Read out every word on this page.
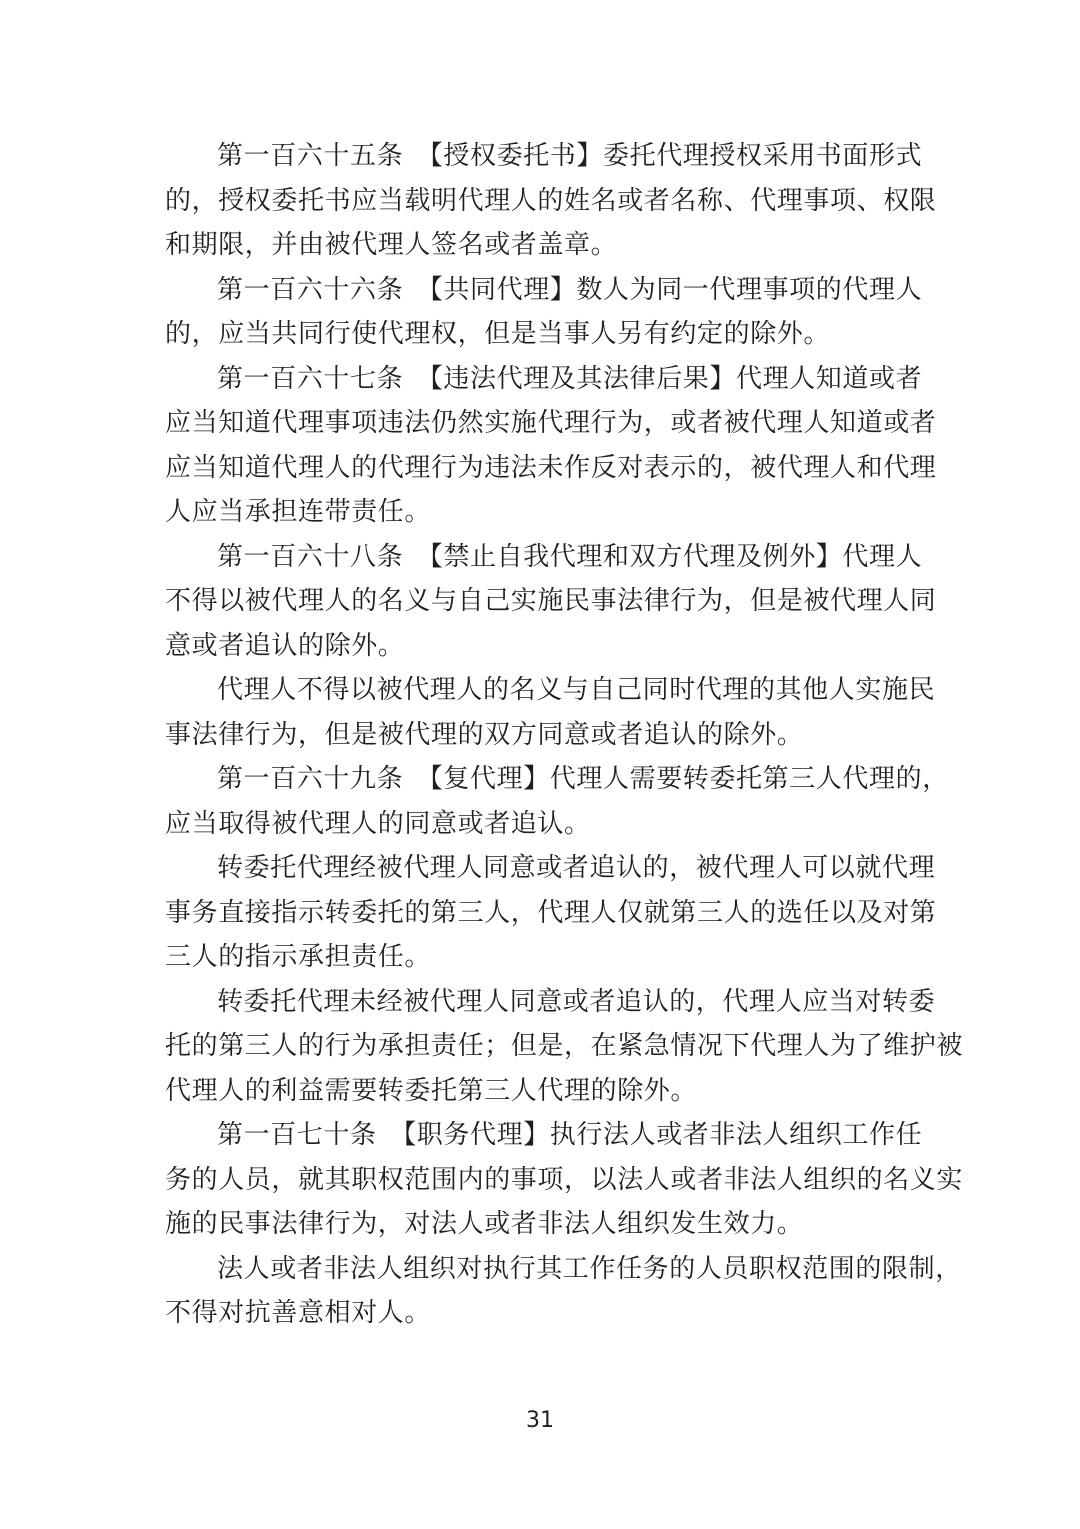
第一百六十五条　【授权委托书】委托代理授权采用书面形式
的，授权委托书应当载明代理人的姓名或者名称、代理事项、权限
和期限，并由被代理人签名或者盖章。
第一百六十六条　【共同代理】数人为同一代理事项的代理人
的，应当共同行使代理权，但是当事人另有约定的除外。
第一百六十七条　【违法代理及其法律后果】代理人知道或者
应当知道代理事项违法仍然实施代理行为，或者被代理人知道或者
应当知道代理人的代理行为违法未作反对表示的，被代理人和代理
人应当承担连带责任。
第一百六十八条　【禁止自我代理和双方代理及例外】代理人
不得以被代理人的名义与自己实施民事法律行为，但是被代理人同
意或者追认的除外。
代理人不得以被代理人的名义与自己同时代理的其他人实施民
事法律行为，但是被代理的双方同意或者追认的除外。
第一百六十九条　【复代理】代理人需要转委托第三人代理的，
应当取得被代理人的同意或者追认。
转委托代理经被代理人同意或者追认的，被代理人可以就代理
事务直接指示转委托的第三人，代理人仅就第三人的选任以及对第
三人的指示承担责任。
转委托代理未经被代理人同意或者追认的，代理人应当对转委
托的第三人的行为承担责任；但是，在紧急情况下代理人为了维护被
代理人的利益需要转委托第三人代理的除外。
第一百七十条　【职务代理】执行法人或者非法人组织工作任
务的人员，就其职权范围内的事项，以法人或者非法人组织的名义实
施的民事法律行为，对法人或者非法人组织发生效力。
法人或者非法人组织对执行其工作任务的人员职权范围的限制，
不得对抗善意相对人。
31
